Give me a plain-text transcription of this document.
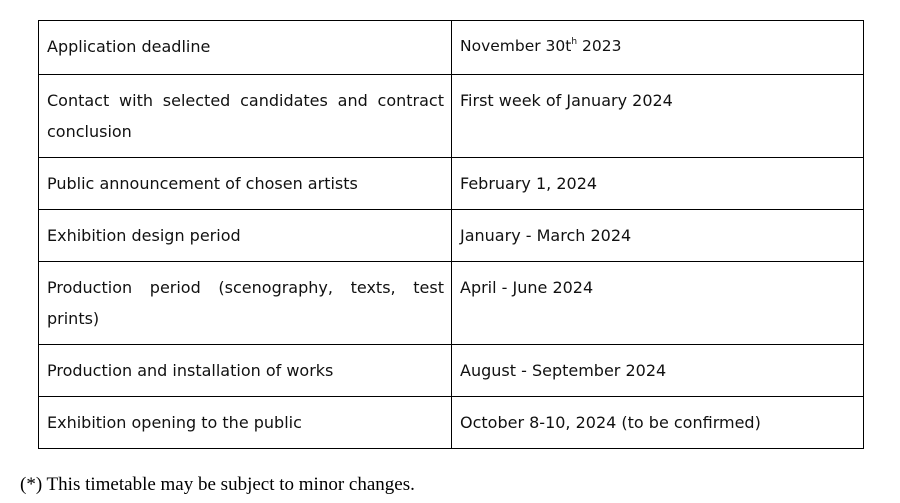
Application deadline	November $30t^h$ 2023
Contact with selected candidates and contract conclusion	First week of January 2024
Public announcement of chosen artists	February 1, 2024
Exhibition design period	January - March 2024
Production period (scenography, texts, test prints)	April - June 2024
Production and installation of works	August - September 2024
Exhibition opening to the public	October 8-10, 2024 (to be confirmed)
(*) This timetable may be subject to minor changes.
